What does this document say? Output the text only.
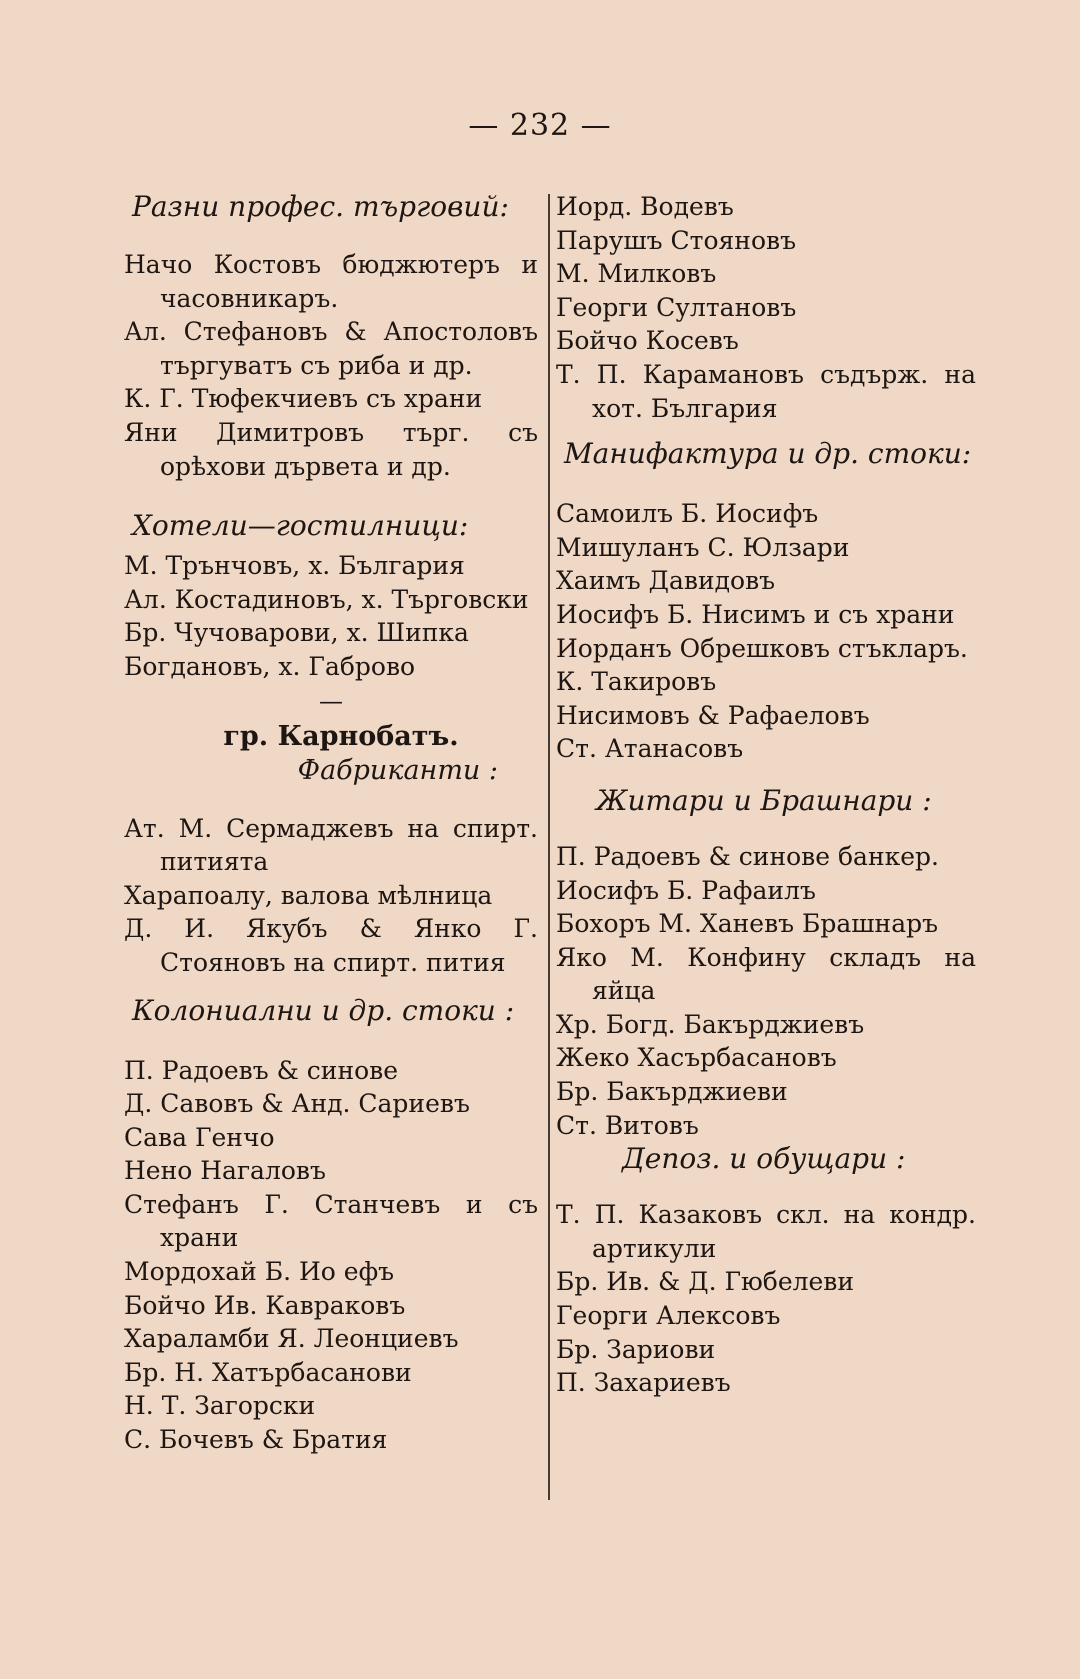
— 232 —
Разни профес. търговий:
Начо Костовъ бюджютеръ и часовникаръ.
Ал. Стефановъ & Апостоловъ търгуватъ съ риба и др.
К. Г. Тюфекчиевъ съ храни
Яни Димитровъ търг. съ орѣхови дървета и др.
Хотели—гостилници:
М. Трънчовъ, х. България
Ал. Костадиновъ, х. Търговски
Бр. Чучоварови, х. Шипка
Богдановъ, х. Габрово
—
гр. Карнобатъ.
Фабриканти :
Ат. М. Сермаджевъ на спирт. питията
Харапоалу, валова мѣлница
Д. И. Якубъ & Янко Г. Стояновъ на спирт. пития
Колониални и др. стоки :
П. Радоевъ & синове
Д. Савовъ & Анд. Сариевъ
Сава Генчо
Нено Нагаловъ
Стефанъ Г. Станчевъ и съ храни
Мордохай Б. Ио ефъ
Бойчо Ив. Кавраковъ
Хараламби Я. Леонциевъ
Бр. Н. Хатърбасанови
Н. Т. Загорски
С. Бочевъ & Братия
Иорд. Водевъ
Парушъ Стояновъ
М. Милковъ
Георги Султановъ
Бойчо Косевъ
Т. П. Карамановъ съдърж. на хот. България
Манифактура и др. стоки:
Самоилъ Б. Иосифъ
Мишуланъ С. Юлзари
Хаимъ Давидовъ
Иосифъ Б. Нисимъ и съ храни
Иорданъ Обрешковъ стъкларъ.
К. Такировъ
Нисимовъ & Рафаеловъ
Ст. Атанасовъ
Житари и Брашнари :
П. Радоевъ & синове банкер.
Иосифъ Б. Рафаилъ
Бохоръ М. Ханевъ Брашнаръ
Яко М. Конфину складъ на яйца
Хр. Богд. Бакърджиевъ
Жеко Хасърбасановъ
Бр. Бакърджиеви
Ст. Витовъ
Депоз. и обущари :
Т. П. Казаковъ скл. на кондр. артикули
Бр. Ив. & Д. Гюбелеви
Георги Алексовъ
Бр. Зариови
П. Захариевъ
